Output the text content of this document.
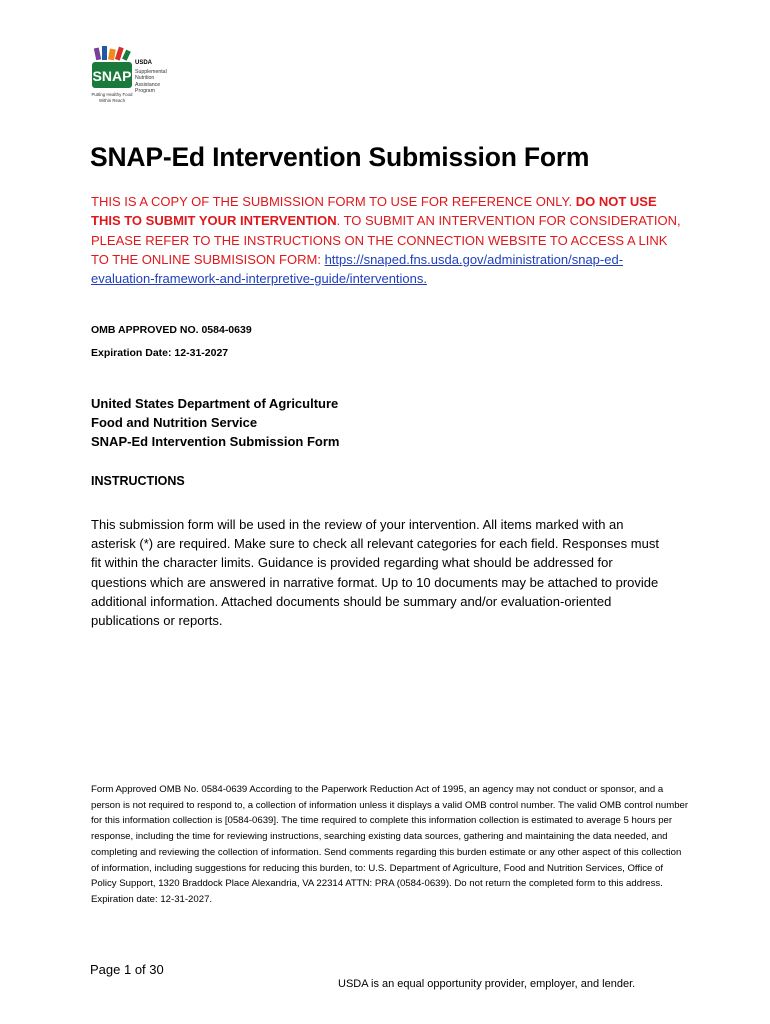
SNAP
USDA
Supplemental
Nutrition
Assistance
Program
Putting Healthy Food
Within Reach
SNAP-Ed Intervention Submission Form
THIS IS A COPY OF THE SUBMISSION FORM TO USE FOR REFERENCE ONLY. DO NOT USE THIS TO SUBMIT YOUR INTERVENTION. TO SUBMIT AN INTERVENTION FOR CONSIDERATION, PLEASE REFER TO THE INSTRUCTIONS ON THE CONNECTION WEBSITE TO ACCESS A LINK TO THE ONLINE SUBMISISON FORM: https://snaped.fns.usda.gov/administration/snap-ed-evaluation-framework-and-interpretive-guide/interventions.
OMB APPROVED NO. 0584-0639
Expiration Date: 12-31-2027
United States Department of Agriculture
Food and Nutrition Service
SNAP-Ed Intervention Submission Form
INSTRUCTIONS
This submission form will be used in the review of your intervention. All items marked with an asterisk (*) are required. Make sure to check all relevant categories for each field. Responses must fit within the character limits. Guidance is provided regarding what should be addressed for questions which are answered in narrative format. Up to 10 documents may be attached to provide additional information. Attached documents should be summary and/or evaluation-oriented publications or reports.
Form Approved OMB No. 0584-0639 According to the Paperwork Reduction Act of 1995, an agency may not conduct or sponsor, and a person is not required to respond to, a collection of information unless it displays a valid OMB control number. The valid OMB control number for this information collection is [0584-0639]. The time required to complete this information collection is estimated to average 5 hours per response, including the time for reviewing instructions, searching existing data sources, gathering and maintaining the data needed, and completing and reviewing the collection of information. Send comments regarding this burden estimate or any other aspect of this collection of information, including suggestions for reducing this burden, to: U.S. Department of Agriculture, Food and Nutrition Services, Office of Policy Support, 1320 Braddock Place Alexandria, VA 22314 ATTN: PRA (0584-0639). Do not return the completed form to this address. Expiration date: 12-31-2027.
Page 1 of 30
USDA is an equal opportunity provider, employer, and lender.
